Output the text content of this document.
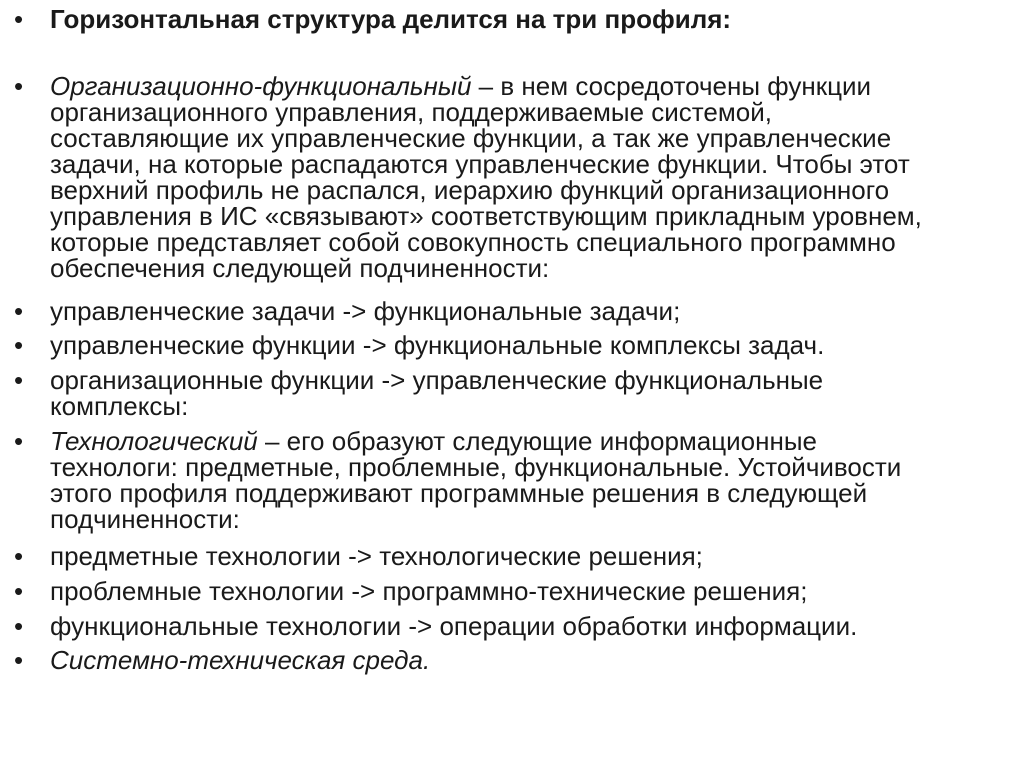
•	Горизонтальная структура делится на три профиля:
•	Организационно-функциональный – в нем сосредоточены функции
организационного управления, поддерживаемые системой,
составляющие их управленческие функции, а так же управленческие
задачи, на которые распадаются управленческие функции. Чтобы этот
верхний профиль не распался, иерархию функций организационного
управления в ИС «связывают» соответствующим прикладным уровнем,
которые представляет собой совокупность специального программно
обеспечения следующей подчиненности:
•	управленческие задачи -> функциональные задачи;
•	управленческие функции -> функциональные комплексы задач.
•	организационные функции -> управленческие функциональные
комплексы:
•	Технологический – его образуют следующие информационные
технологи: предметные, проблемные, функциональные. Устойчивости
этого профиля поддерживают программные решения в следующей
подчиненности:
•	предметные технологии -> технологические решения;
•	проблемные технологии -> программно-технические решения;
•	функциональные технологии -> операции обработки информации.
•	Системно-техническая среда.
